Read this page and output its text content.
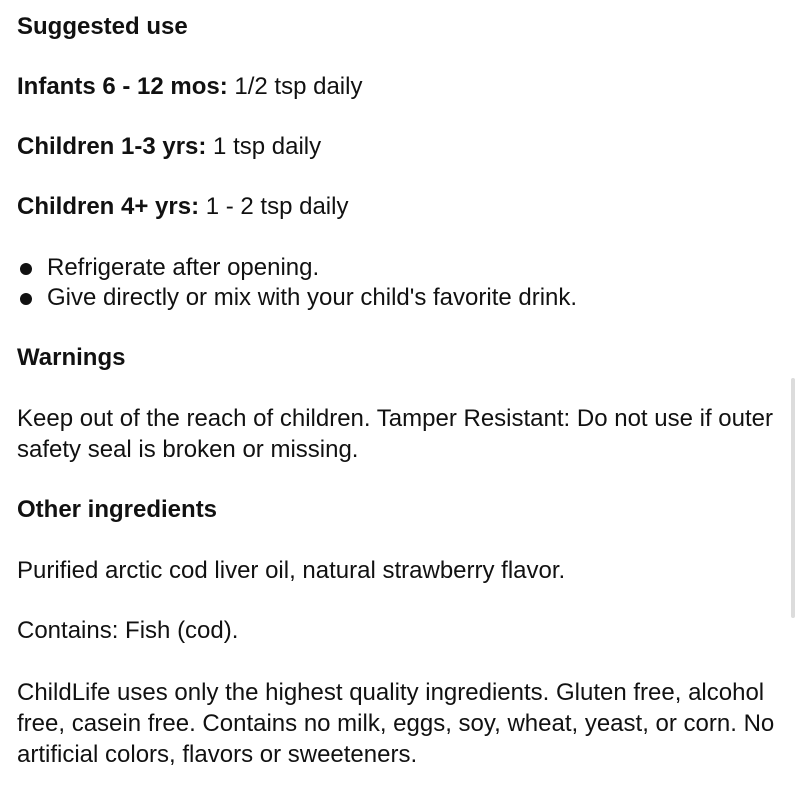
Suggested use
Infants 6 - 12 mos: 1/2 tsp daily
Children 1-3 yrs: 1 tsp daily
Children 4+ yrs: 1 - 2 tsp daily
Refrigerate after opening.
Give directly or mix with your child's favorite drink.
Warnings
Keep out of the reach of children. Tamper Resistant: Do not use if outer safety seal is broken or missing.
Other ingredients
Purified arctic cod liver oil, natural strawberry flavor.
Contains: Fish (cod).
ChildLife uses only the highest quality ingredients. Gluten free, alcohol free, casein free. Contains no milk, eggs, soy, wheat, yeast, or corn. No artificial colors, flavors or sweeteners.
